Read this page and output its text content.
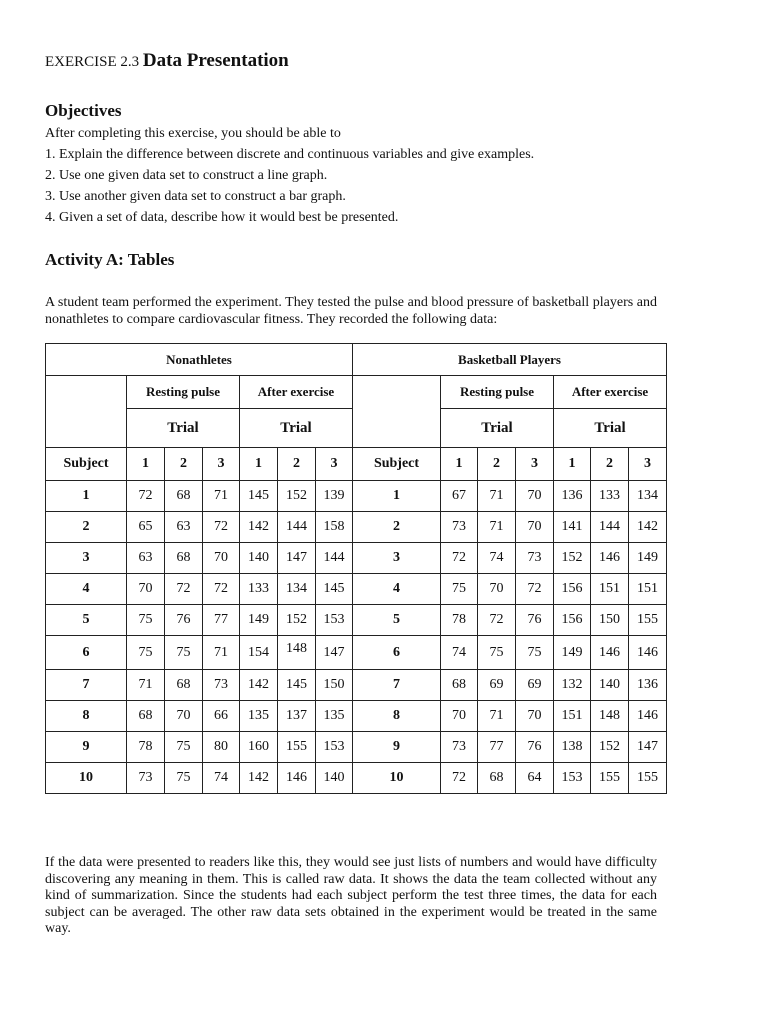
EXERCISE 2.3 Data Presentation
Objectives
After completing this exercise, you should be able to
1. Explain the difference between discrete and continuous variables and give examples.
2. Use one given data set to construct a line graph.
3. Use another given data set to construct a bar graph.
4. Given a set of data, describe how it would best be presented.
Activity A: Tables
A student team performed the experiment. They tested the pulse and blood pressure of basketball players and nonathletes to compare cardiovascular fitness. They recorded the following data:
Nonathletes							Basketball Players						
	Resting pulse			After exercise				Resting pulse			After exercise		
	Trial			Trial				Trial			Trial		
Subject	1	2	3	1	2	3	Subject	1	2	3	1	2	3
1	72	68	71	145	152	139	1	67	71	70	136	133	134
2	65	63	72	142	144	158	2	73	71	70	141	144	142
3	63	68	70	140	147	144	3	72	74	73	152	146	149
4	70	72	72	133	134	145	4	75	70	72	156	151	151
5	75	76	77	149	152	153	5	78	72	76	156	150	155
6	75	75	71	154	148	147	6	74	75	75	149	146	146
7	71	68	73	142	145	150	7	68	69	69	132	140	136
8	68	70	66	135	137	135	8	70	71	70	151	148	146
9	78	75	80	160	155	153	9	73	77	76	138	152	147
10	73	75	74	142	146	140	10	72	68	64	153	155	155
If the data were presented to readers like this, they would see just lists of numbers and would have difficulty discovering any meaning in them. This is called raw data. It shows the data the team collected without any kind of summarization. Since the students had each subject perform the test three times, the data for each subject can be averaged. The other raw data sets obtained in the experiment would be treated in the same way.
